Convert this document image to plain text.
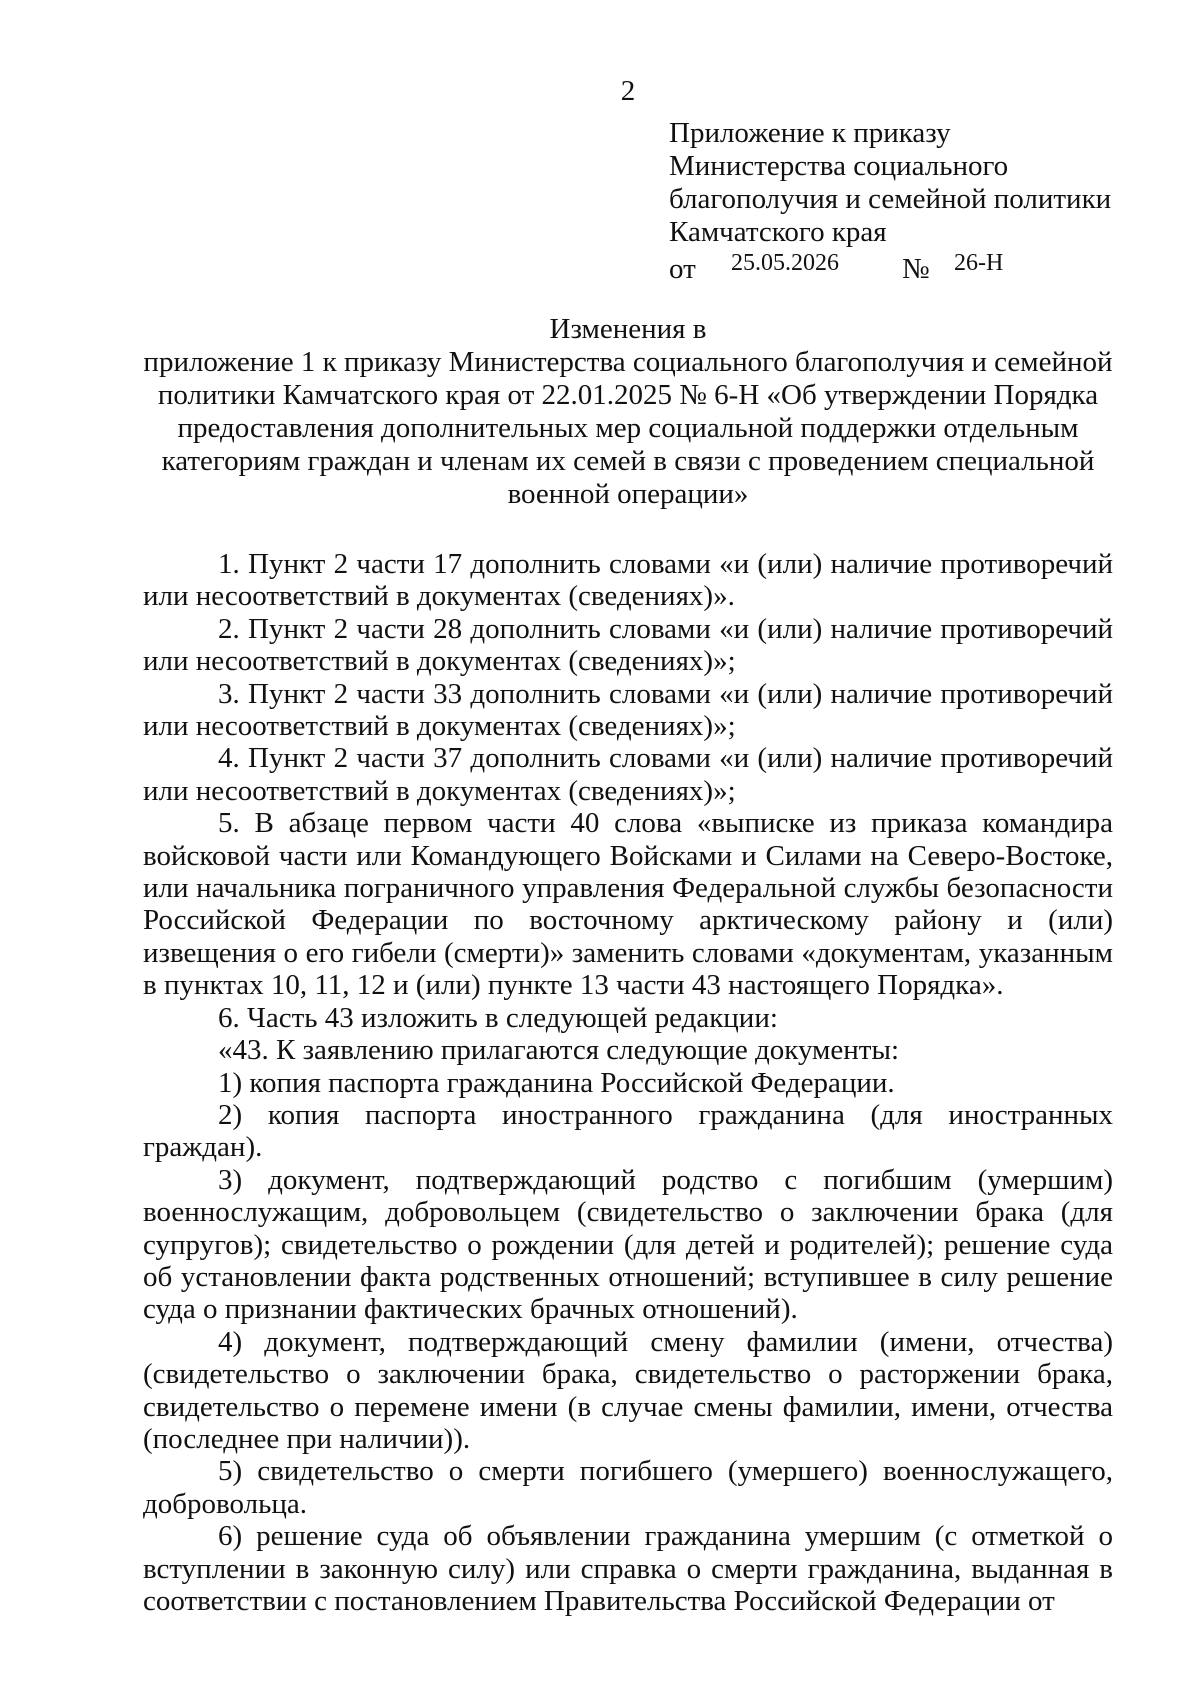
2
Приложение к приказу
Министерства социального
благополучия и семейной политики
Камчатского края
от 25.05.2026 № 26-Н
Изменения в
приложение 1 к приказу Министерства социального благополучия и семейной
политики Камчатского края от 22.01.2025 № 6-Н «Об утверждении Порядка
предоставления дополнительных мер социальной поддержки отдельным
категориям граждан и членам их семей в связи с проведением специальной
военной операции»

1. Пункт 2 части 17 дополнить словами «и (или) наличие противоречий или несоответствий в документах (сведениях)».

2. Пункт 2 части 28 дополнить словами «и (или) наличие противоречий или несоответствий в документах (сведениях)»;

3. Пункт 2 части 33 дополнить словами «и (или) наличие противоречий или несоответствий в документах (сведениях)»;

4. Пункт 2 части 37 дополнить словами «и (или) наличие противоречий или несоответствий в документах (сведениях)»;

5. В абзаце первом части 40 слова «выписке из приказа командира войсковой части или Командующего Войсками и Силами на Северо-Востоке, или начальника пограничного управления Федеральной службы безопасности Российской Федерации по восточному арктическому району и (или) извещения о его гибели (смерти)» заменить словами «документам, указанным в пунктах 10, 11, 12 и (или) пункте 13 части 43 настоящего Порядка».

6. Часть 43 изложить в следующей редакции:

«43. К заявлению прилагаются следующие документы:

1) копия паспорта гражданина Российской Федерации.

2) копия паспорта иностранного гражданина (для иностранных граждан).

3) документ, подтверждающий родство с погибшим (умершим) военнослужащим, добровольцем (свидетельство о заключении брака (для супругов); свидетельство о рождении (для детей и родителей); решение суда об установлении факта родственных отношений; вступившее в силу решение суда о признании фактических брачных отношений).

4) документ, подтверждающий смену фамилии (имени, отчества) (свидетельство о заключении брака, свидетельство о расторжении брака, свидетельство о перемене имени (в случае смены фамилии, имени, отчества (последнее при наличии)).

5) свидетельство о смерти погибшего (умершего) военнослужащего, добровольца.

6) решение суда об объявлении гражданина умершим (с отметкой о вступлении в законную силу) или справка о смерти гражданина, выданная в соответствии с постановлением Правительства Российской Федерации от
